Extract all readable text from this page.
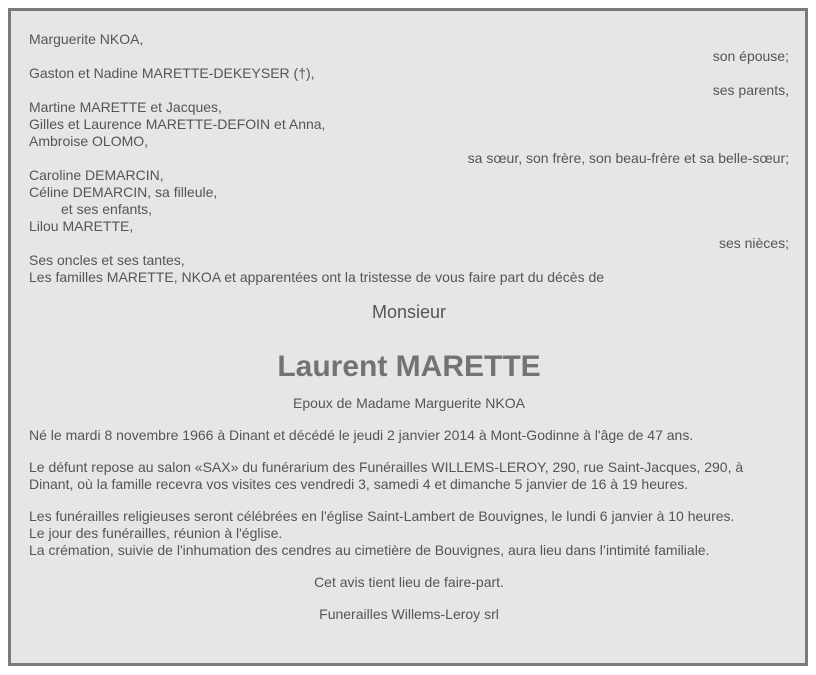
Marguerite NKOA,
son épouse;
Gaston et Nadine MARETTE-DEKEYSER (†),
ses parents,
Martine MARETTE et Jacques,
Gilles et Laurence MARETTE-DEFOIN et Anna,
Ambroise OLOMO,
sa sœur, son frère, son beau-frère et sa belle-sœur;
Caroline DEMARCIN,
Céline DEMARCIN, sa filleule,
et ses enfants,
Lilou MARETTE,
ses nièces;
Ses oncles et ses tantes,
Les familles MARETTE, NKOA et apparentées ont la tristesse de vous faire part du décès de
Monsieur
Laurent MARETTE
Epoux de Madame Marguerite NKOA
Né le mardi 8 novembre 1966 à Dinant et décédé le jeudi 2 janvier 2014 à Mont-Godinne à l'âge de 47 ans.
Le défunt repose au salon «SAX» du funérarium des Funérailles WILLEMS-LEROY, 290, rue Saint-Jacques, 290, à
Dinant, où la famille recevra vos visites ces vendredi 3, samedi 4 et dimanche 5 janvier de 16 à 19 heures.
Les funérailles religieuses seront célébrées en l'église Saint-Lambert de Bouvignes, le lundi 6 janvier à 10 heures.
Le jour des funérailles, réunion à l'église.
La crémation, suivie de l'inhumation des cendres au cimetière de Bouvignes, aura lieu dans l’intimité familiale.
Cet avis tient lieu de faire-part.
Funerailles Willems-Leroy srl
